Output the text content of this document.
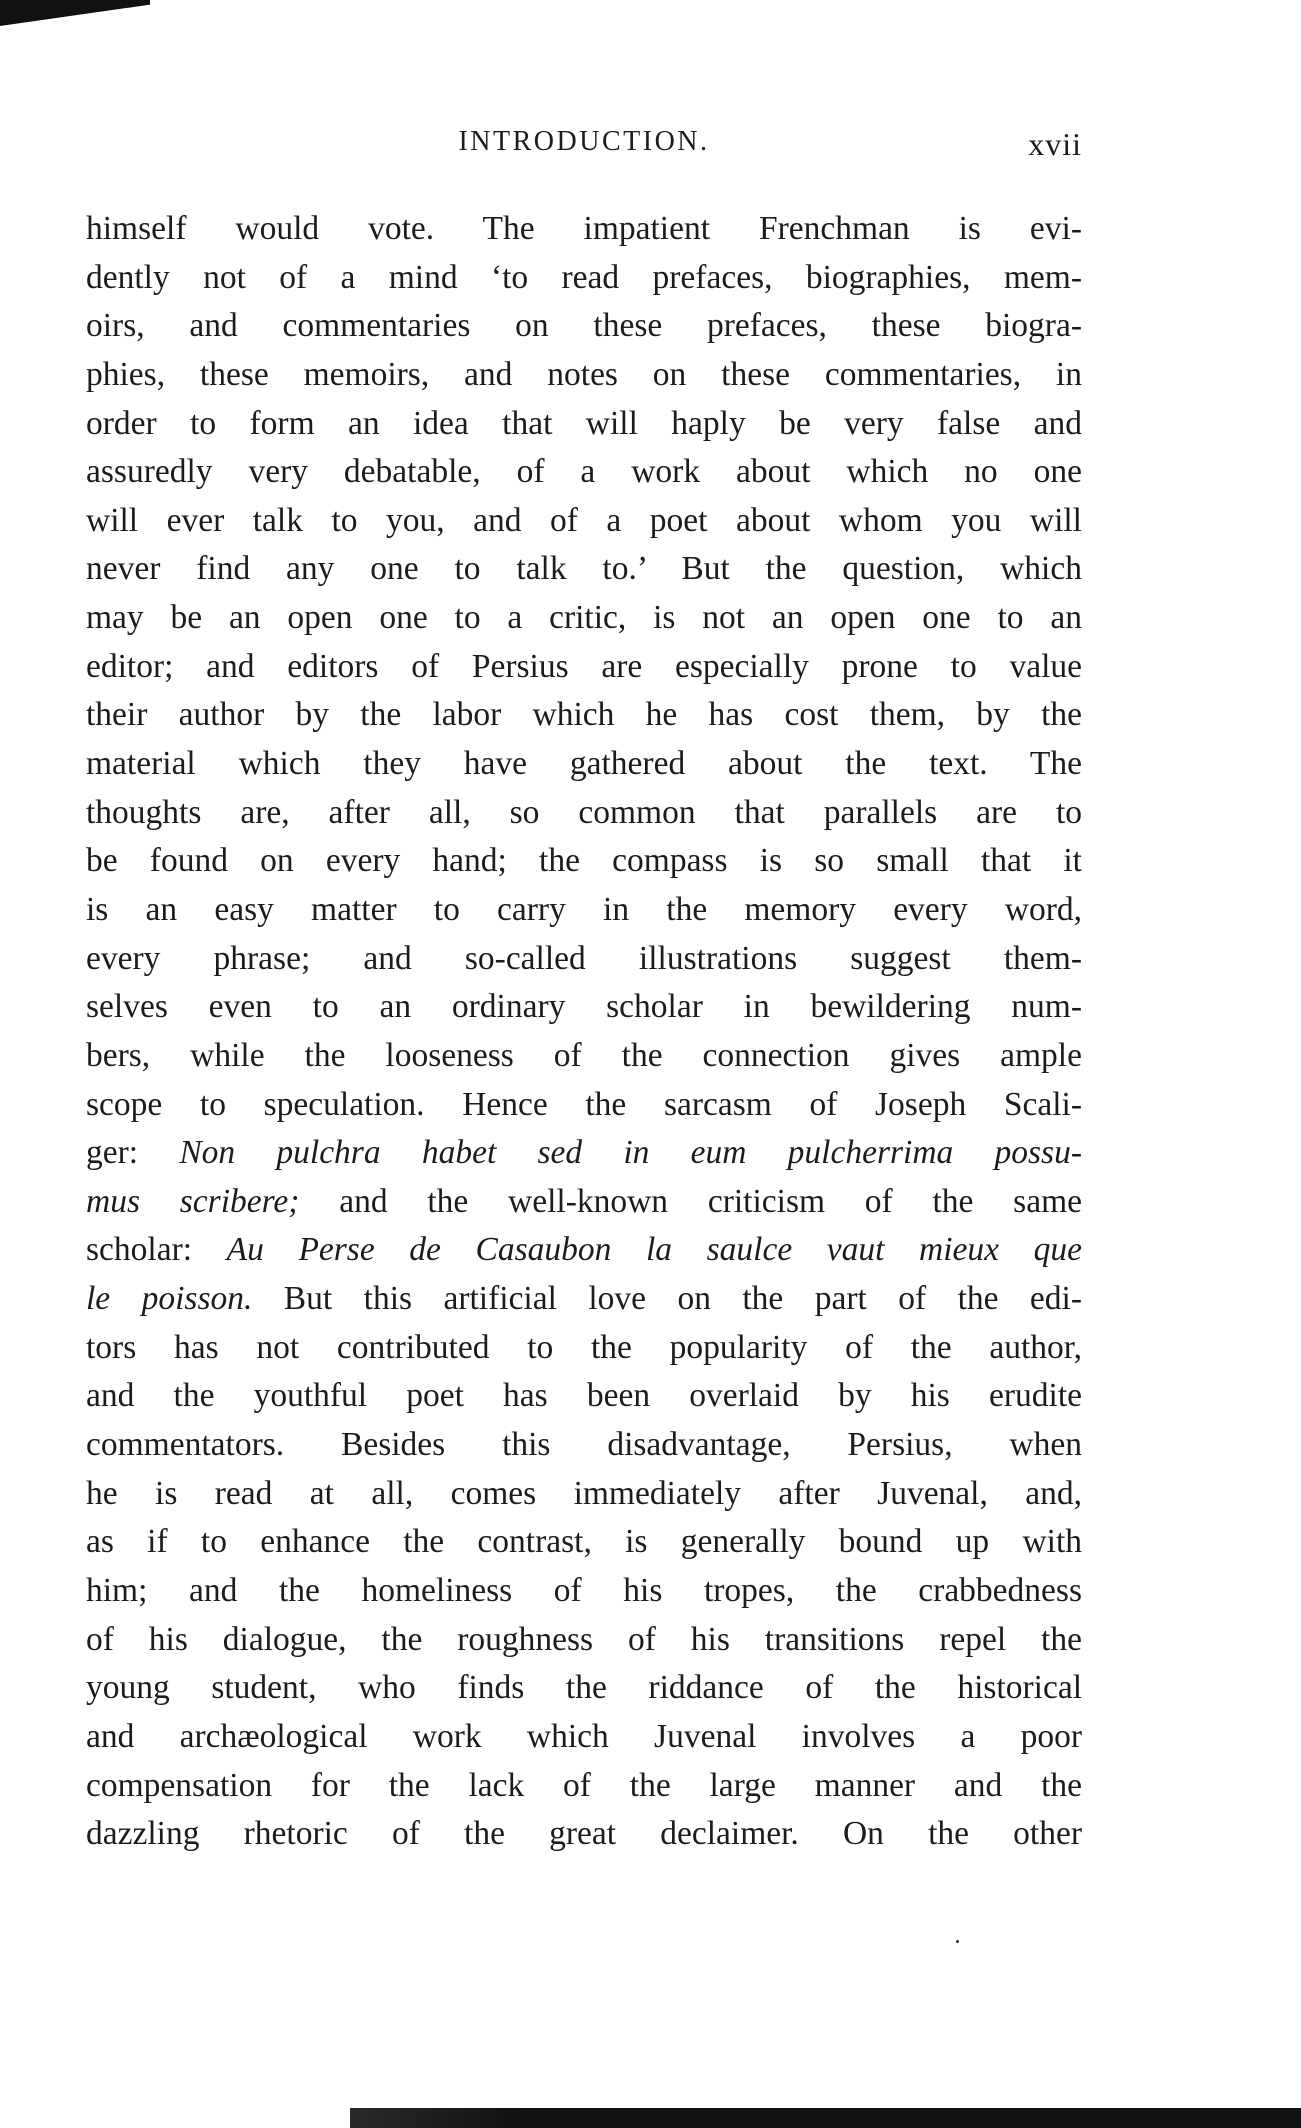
INTRODUCTION.	xvii
himself would vote. The impatient Frenchman is evi-
dently not of a mind ‘to read prefaces, biographies, mem-
oirs, and commentaries on these prefaces, these biogra-
phies, these memoirs, and notes on these commentaries, in
order to form an idea that will haply be very false and
assuredly very debatable, of a work about which no one
will ever talk to you, and of a poet about whom you will
never find any one to talk to.’ But the question, which
may be an open one to a critic, is not an open one to an
editor; and editors of Persius are especially prone to value
their author by the labor which he has cost them, by the
material which they have gathered about the text. The
thoughts are, after all, so common that parallels are to
be found on every hand; the compass is so small that it
is an easy matter to carry in the memory every word,
every phrase; and so-called illustrations suggest them-
selves even to an ordinary scholar in bewildering num-
bers, while the looseness of the connection gives ample
scope to speculation. Hence the sarcasm of Joseph Scali-
ger: Non pulchra habet sed in eum pulcherrima possu-
mus scribere; and the well-known criticism of the same
scholar: Au Perse de Casaubon la saulce vaut mieux que
le poisson. But this artificial love on the part of the edi-
tors has not contributed to the popularity of the author,
and the youthful poet has been overlaid by his erudite
commentators. Besides this disadvantage, Persius, when
he is read at all, comes immediately after Juvenal, and,
as if to enhance the contrast, is generally bound up with
him; and the homeliness of his tropes, the crabbedness
of his dialogue, the roughness of his transitions repel the
young student, who finds the riddance of the historical
and archæological work which Juvenal involves a poor
compensation for the lack of the large manner and the
dazzling rhetoric of the great declaimer. On the other
